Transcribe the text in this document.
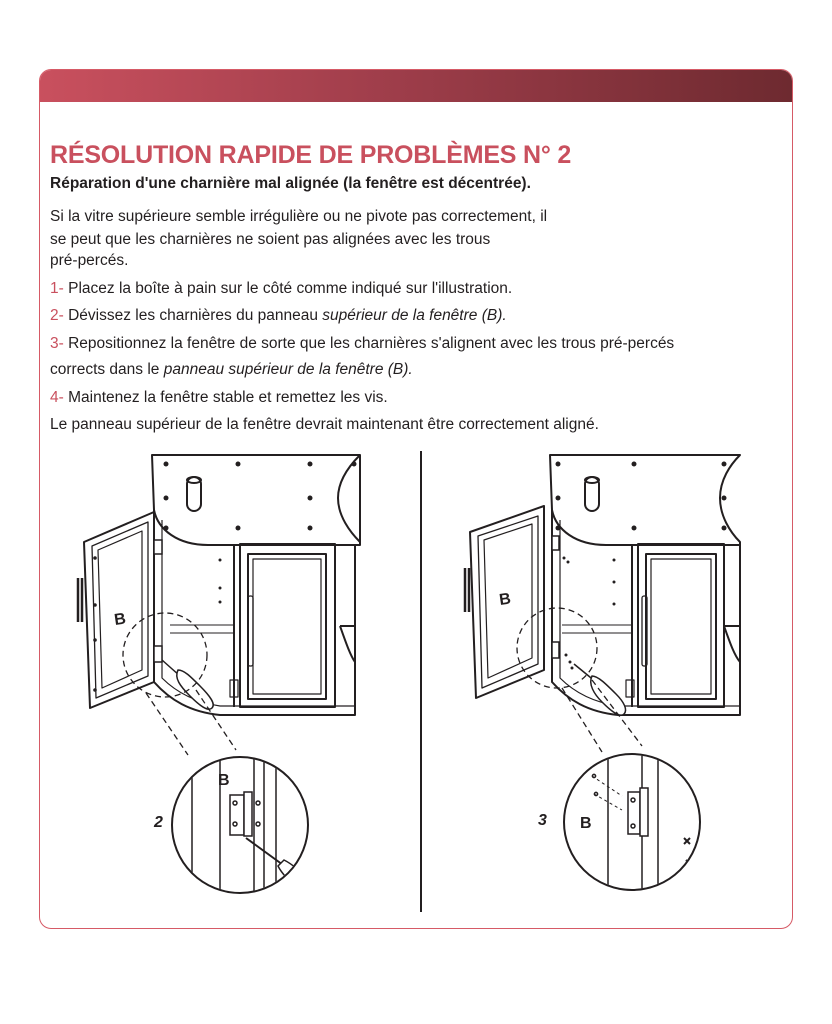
RÉSOLUTION RAPIDE DE PROBLÈMES N° 2
Réparation d'une charnière mal alignée (la fenêtre est décentrée).
Si la vitre supérieure semble irrégulière ou ne pivote pas correctement, il
se peut que les charnières ne soient pas alignées avec les trous
pré-percés.
1- Placez la boîte à pain sur le côté comme indiqué sur l'illustration.
2- Dévissez les charnières du panneau supérieur de la fenêtre (B).
3- Repositionnez la fenêtre de sorte que les charnières s'alignent avec les trous pré-percés
corrects dans le panneau supérieur de la fenêtre (B).
4- Maintenez la fenêtre stable et remettez les vis.
Le panneau supérieur de la fenêtre devrait maintenant être correctement aligné.
B
B
2
B
B
3
